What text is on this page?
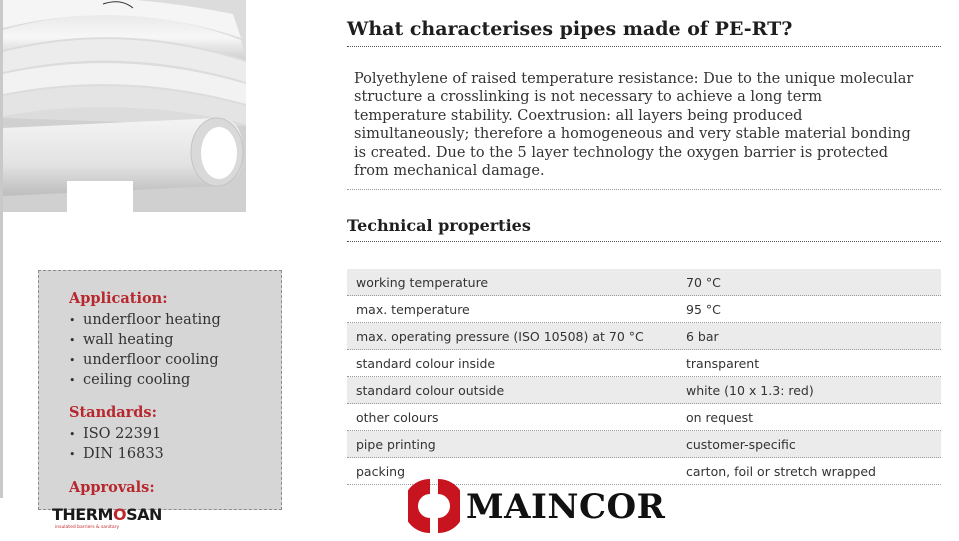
Application:
• underfloor heating
• wall heating
• underfloor cooling
• ceiling cooling
Standards:
• ISO 22391
• DIN 16833
Approvals:
What characterises pipes made of PE-RT?

Polyethylene of raised temperature resistance: Due to the unique molecular structure a crosslinking is not necessary to achieve a long term temperature stability. Coextrusion: all layers being produced simultaneously; therefore a homogeneous and very stable material bonding is created. Due to the 5 layer technology the oxygen barrier is protected from mechanical damage.

Technical properties
working temperature	70 °C
max. temperature	95 °C
max. operating pressure (ISO 10508) at 70 °C	6 bar
standard colour inside	transparent
standard colour outside	white (10 x 1.3: red)
other colours	on request
pipe printing	customer-specific
packing	carton, foil or stretch wrapped
THERMOSAN
insulated barriers & sanitary
MAINCOR
